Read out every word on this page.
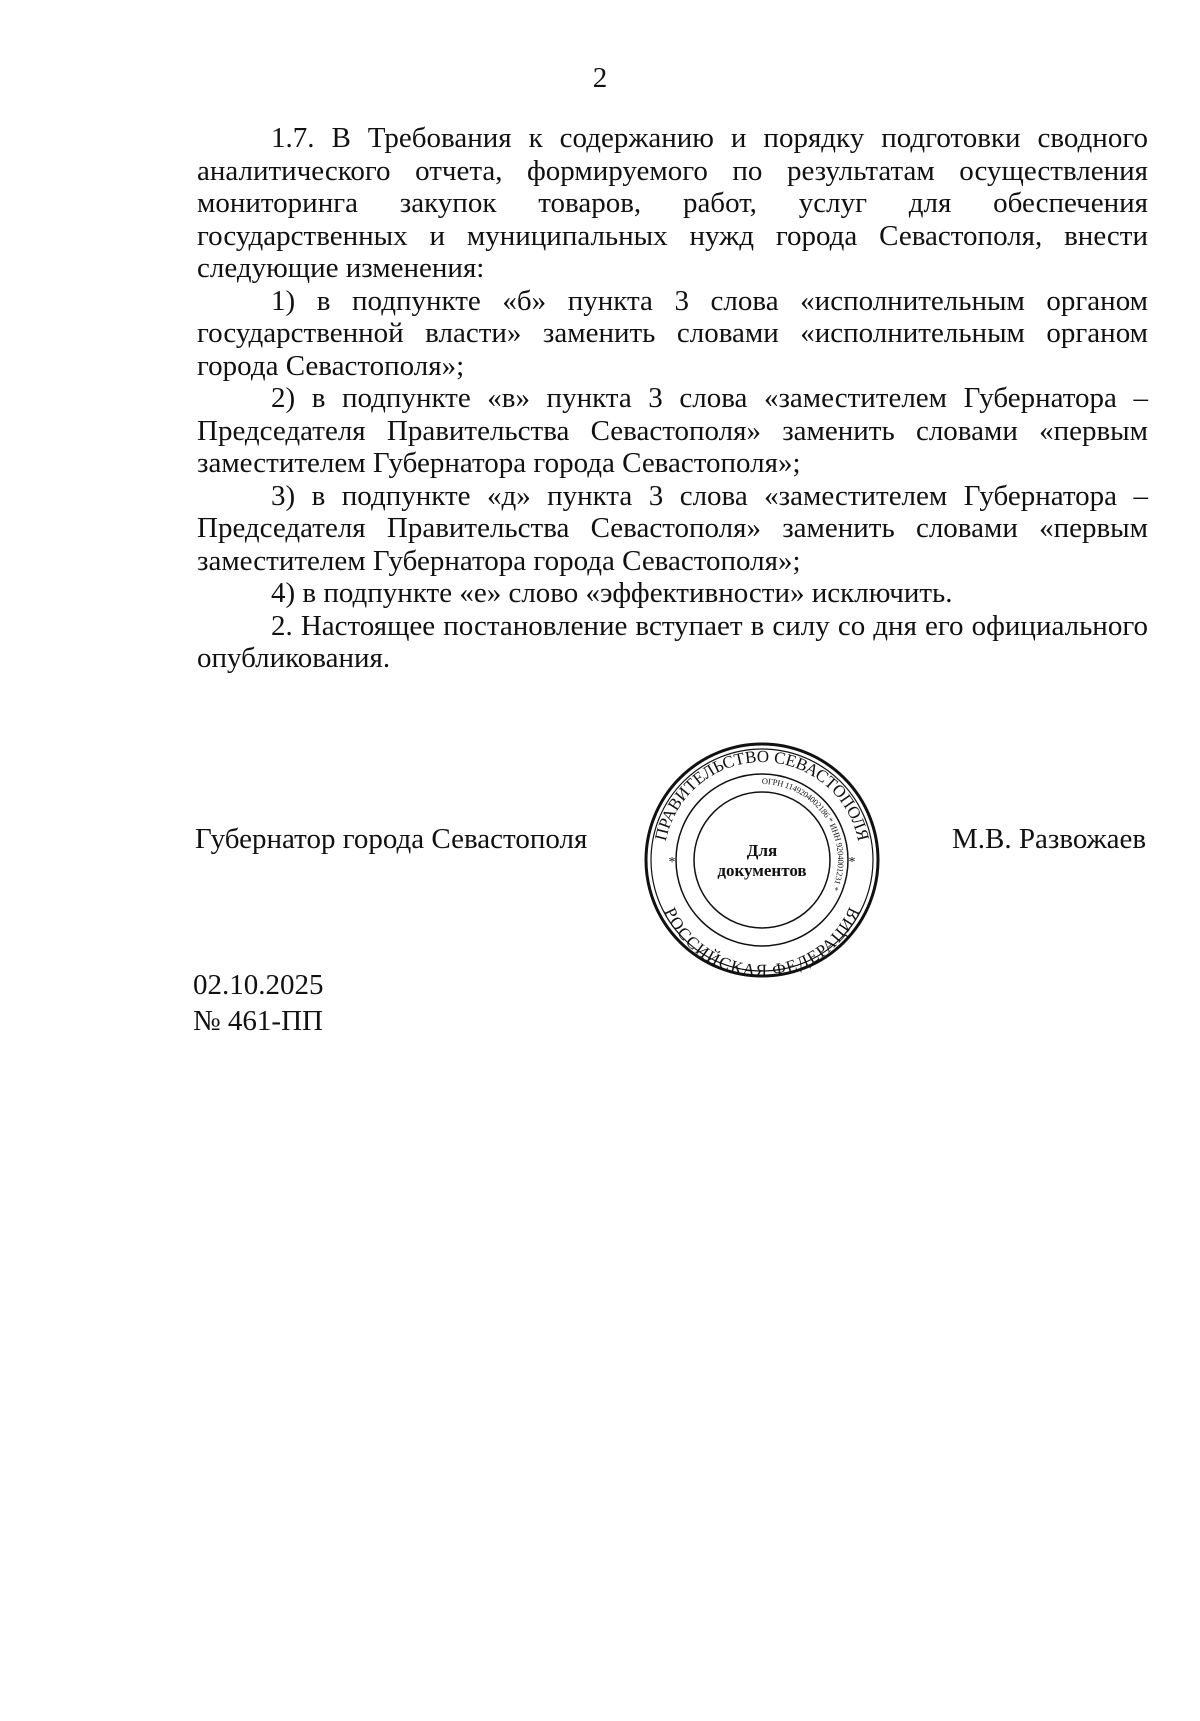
2

1.7. В Требования к содержанию и порядку подготовки сводного аналитического отчета, формируемого по результатам осуществления мониторинга закупок товаров, работ, услуг для обеспечения государственных и муниципальных нужд города Севастополя, внести следующие изменения:

1) в подпункте «б» пункта 3 слова «исполнительным органом государственной власти» заменить словами «исполнительным органом города Севастополя»;

2) в подпункте «в» пункта 3 слова «заместителем Губернатора – Председателя Правительства Севастополя» заменить словами «первым заместителем Губернатора города Севастополя»;

3) в подпункте «д» пункта 3 слова «заместителем Губернатора – Председателя Правительства Севастополя» заменить словами «первым заместителем Губернатора города Севастополя»;

4) в подпункте «е» слово «эффективности» исключить.

2. Настоящее постановление вступает в силу со дня его официального опубликования.

Губернатор города Севастополя	ПРАВИТЕЛЬСТВО СЕВАСТОПОЛЯ
РОССИЙСКАЯ ФЕДЕРАЦИЯ
ОГРН 1149204002186 * ИНН 9204001231 *
Для
документов
*	*
М.В. Развожаев
02.10.2025
№ 461-ПП
